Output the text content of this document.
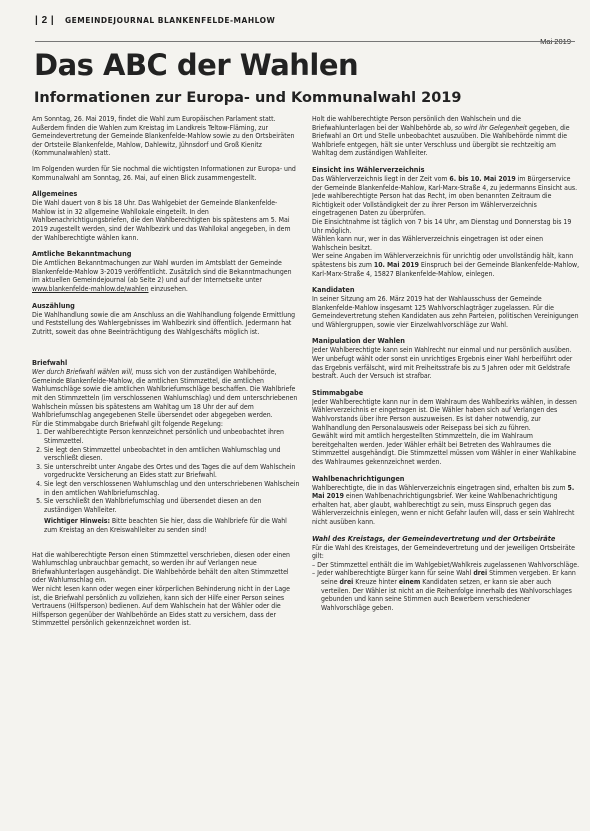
| 2 | GEMEINDEJOURNAL BLANKENFELDE-MAHLOW
Mai 2019
Das ABC der Wahlen
Informationen zur Europa- und Kommunalwahl 2019

Am Sonntag, 26. Mai 2019, findet die Wahl zum Europäischen Parlament statt. Außerdem finden die Wahlen zum Kreistag im Landkreis Teltow-Fläming, zur Gemeindevertretung der Gemeinde Blankenfelde-Mahlow sowie zu den Ortsbeiräten der Ortsteile Blankenfelde, Mahlow, Dahlewitz, Jühnsdorf und Groß Kienitz (Kommunalwahlen) statt.

Im Folgenden wurden für Sie nochmal die wichtigsten Informationen zur Europa- und Kommunalwahl am Sonntag, 26. Mai, auf einen Blick zusammengestellt.

Allgemeines

Die Wahl dauert von 8 bis 18 Uhr. Das Wahlgebiet der Gemeinde Blankenfelde-Mahlow ist in 32 allgemeine Wahllokale eingeteilt. In den Wahlbenachrichtigungsbriefen, die den Wahlberechtigten bis spätestens am 5. Mai 2019 zugestellt werden, sind der Wahlbezirk und das Wahllokal angegeben, in dem der Wahlberechtigte wählen kann.

Amtliche Bekanntmachung

Die Amtlichen Bekanntmachungen zur Wahl wurden im Amtsblatt der Gemeinde Blankenfelde-Mahlow 3-2019 veröffentlicht. Zusätzlich sind die Bekanntmachungen im aktuellen Gemeindejournal (ab Seite 2) und auf der Internetseite unter www.blankenfelde-mahlow.de/wahlen einzusehen.

Auszählung

Die Wahlhandlung sowie die am Anschluss an die Wahlhandlung folgende Ermittlung und Feststellung des Wahlergebnisses im Wahlbezirk sind öffentlich. Jedermann hat Zutritt, soweit das ohne Beeinträchtigung des Wahlgeschäfts möglich ist.

Briefwahl

Wer durch Briefwahl wählen will, muss sich von der zuständigen Wahlbehörde, Gemeinde Blankenfelde-Mahlow, die amtlichen Stimmzettel, die amtlichen Wahlumschläge sowie die amtlichen Wahlbriefumschläge beschaffen. Die Wahlbriefe mit den Stimmzetteln (im verschlossenen Wahlumschlag) und dem unterschriebenen Wahlschein müssen bis spätestens am Wahltag um 18 Uhr der auf dem Wahlbriefumschlag angegebenen Stelle übersendet oder abgegeben werden.

Für die Stimmabgabe durch Briefwahl gilt folgende Regelung:

1. Der wahlberechtigte Person kennzeichnet persönlich und unbeobachtet ihren Stimmzettel.
2. Sie legt den Stimmzettel unbeobachtet in den amtlichen Wahlumschlag und verschließt diesen.
3. Sie unterschreibt unter Angabe des Ortes und des Tages die auf dem Wahlschein vorgedruckte Versicherung an Eides statt zur Briefwahl.
4. Sie legt den verschlossenen Wahlumschlag und den unterschriebenen Wahlschein in den amtlichen Wahlbriefumschlag.
5. Sie verschließt den Wahlbriefumschlag und übersendet diesen an den zuständigen Wahlleiter.

Wichtiger Hinweis: Bitte beachten Sie hier, dass die Wahlbriefe für die Wahl zum Kreistag an den Kreiswahlleiter zu senden sind!

Hat die wahlberechtigte Person einen Stimmzettel verschrieben, diesen oder einen Wahlumschlag unbrauchbar gemacht, so werden ihr auf Verlangen neue Briefwahlunterlagen ausgehändigt. Die Wahlbehörde behält den alten Stimmzettel oder Wahlumschlag ein.

Wer nicht lesen kann oder wegen einer körperlichen Behinderung nicht in der Lage ist, die Briefwahl persönlich zu vollziehen, kann sich der Hilfe einer Person seines Vertrauens (Hilfsperson) bedienen. Auf dem Wahlschein hat der Wähler oder die Hilfsperson gegenüber der Wahlbehörde an Eides statt zu versichern, dass der Stimmzettel persönlich gekennzeichnet worden ist.

Holt die wahlberechtigte Person persönlich den Wahlschein und die Briefwahlunterlagen bei der Wahlbehörde ab, so wird ihr Gelegenheit gegeben, die Briefwahl an Ort und Stelle unbeobachtet auszuüben. Die Wahlbehörde nimmt die Wahlbriefe entgegen, hält sie unter Verschluss und übergibt sie rechtzeitig am Wahltag dem zuständigen Wahlleiter.

Einsicht ins Wählerverzeichnis

Das Wählerverzeichnis liegt in der Zeit vom 6. bis 10. Mai 2019 im Bürgerservice der Gemeinde Blankenfelde-Mahlow, Karl-Marx-Straße 4, zu jedermanns Einsicht aus. Jede wahlberechtigte Person hat das Recht, im oben benannten Zeitraum die Richtigkeit oder Vollständigkeit der zu ihrer Person im Wählerverzeichnis eingetragenen Daten zu überprüfen.

Die Einsichtnahme ist täglich von 7 bis 14 Uhr, am Dienstag und Donnerstag bis 19 Uhr möglich.

Wählen kann nur, wer in das Wählerverzeichnis eingetragen ist oder einen Wahlschein besitzt.

Wer seine Angaben im Wählerverzeichnis für unrichtig oder unvollständig hält, kann spätestens bis zum 10. Mai 2019 Einspruch bei der Gemeinde Blankenfelde-Mahlow, Karl-Marx-Straße 4, 15827 Blankenfelde-Mahlow, einlegen.

Kandidaten

In seiner Sitzung am 26. März 2019 hat der Wahlausschuss der Gemeinde Blankenfelde-Mahlow insgesamt 125 Wahlvorschlagträger zugelassen. Für die Gemeindevertretung stehen Kandidaten aus zehn Parteien, politischen Vereinigungen und Wählergruppen, sowie vier Einzelwahlvorschläge zur Wahl.

Manipulation der Wahlen

Jeder Wahlberechtigte kann sein Wahlrecht nur einmal und nur persönlich ausüben. Wer unbefugt wählt oder sonst ein unrichtiges Ergebnis einer Wahl herbeiführt oder das Ergebnis verfälscht, wird mit Freiheitsstrafe bis zu 5 Jahren oder mit Geldstrafe bestraft. Auch der Versuch ist strafbar.

Stimmabgabe

Jeder Wahlberechtigte kann nur in dem Wahlraum des Wahlbezirks wählen, in dessen Wählerverzeichnis er eingetragen ist. Die Wähler haben sich auf Verlangen des Wahlvorstands über ihre Person auszuweisen. Es ist daher notwendig, zur Wahlhandlung den Personalausweis oder Reisepass bei sich zu führen.

Gewählt wird mit amtlich hergestellten Stimmzetteln, die im Wahlraum bereitgehalten werden. Jeder Wähler erhält bei Betreten des Wahlraumes die Stimmzettel ausgehändigt. Die Stimmzettel müssen vom Wähler in einer Wahlkabine des Wahlraumes gekennzeichnet werden.

Wahlbenachrichtigungen

Wahlberechtigte, die in das Wählerverzeichnis eingetragen sind, erhalten bis zum 5. Mai 2019 einen Wahlbenachrichtigungsbrief. Wer keine Wahlbenachrichtigung erhalten hat, aber glaubt, wahlberechtigt zu sein, muss Einspruch gegen das Wählerverzeichnis einlegen, wenn er nicht Gefahr laufen will, dass er sein Wahlrecht nicht ausüben kann.

Wahl des Kreistags, der Gemeindevertretung und der Ortsbeiräte

Für die Wahl des Kreistages, der Gemeindevertretung und der jeweiligen Ortsbeiräte gilt:

– Der Stimmzettel enthält die im Wahlgebiet/Wahlkreis zugelassenen Wahlvorschläge.
– Jeder wahlberechtigte Bürger kann für seine Wahl drei Stimmen vergeben. Er kann seine drei Kreuze hinter einem Kandidaten setzen, er kann sie aber auch verteilen. Der Wähler ist nicht an die Reihenfolge innerhalb des Wahlvorschlages gebunden und kann seine Stimmen auch Bewerbern verschiedener Wahlvorschläge geben.
